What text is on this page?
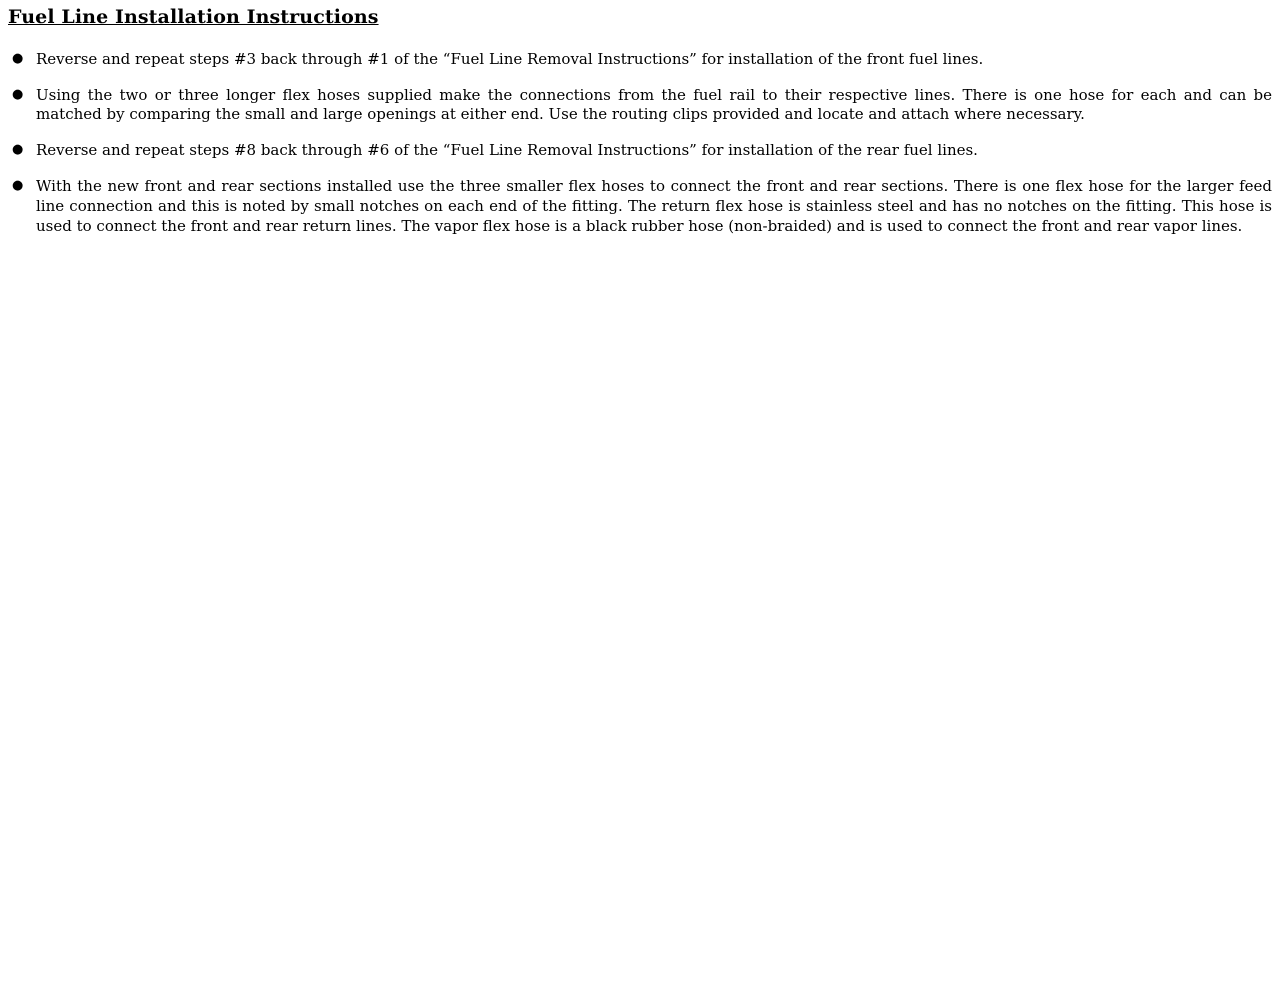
Fuel Line Installation Instructions
● Reverse and repeat steps #3 back through #1 of the “Fuel Line Removal Instructions” for installation of the front fuel lines.
● Using the two or three longer flex hoses supplied make the connections from the fuel rail to their respective lines. There is one hose for each and can be matched by comparing the small and large openings at either end. Use the routing clips provided and locate and attach where necessary.
● Reverse and repeat steps #8 back through #6 of the “Fuel Line Removal Instructions” for installation of the rear fuel lines.
● With the new front and rear sections installed use the three smaller flex hoses to connect the front and rear sections. There is one flex hose for the larger feed line connection and this is noted by small notches on each end of the fitting. The return flex hose is stainless steel and has no notches on the fitting. This hose is used to connect the front and rear return lines. The vapor flex hose is a black rubber hose (non-braided) and is used to connect the front and rear vapor lines.
